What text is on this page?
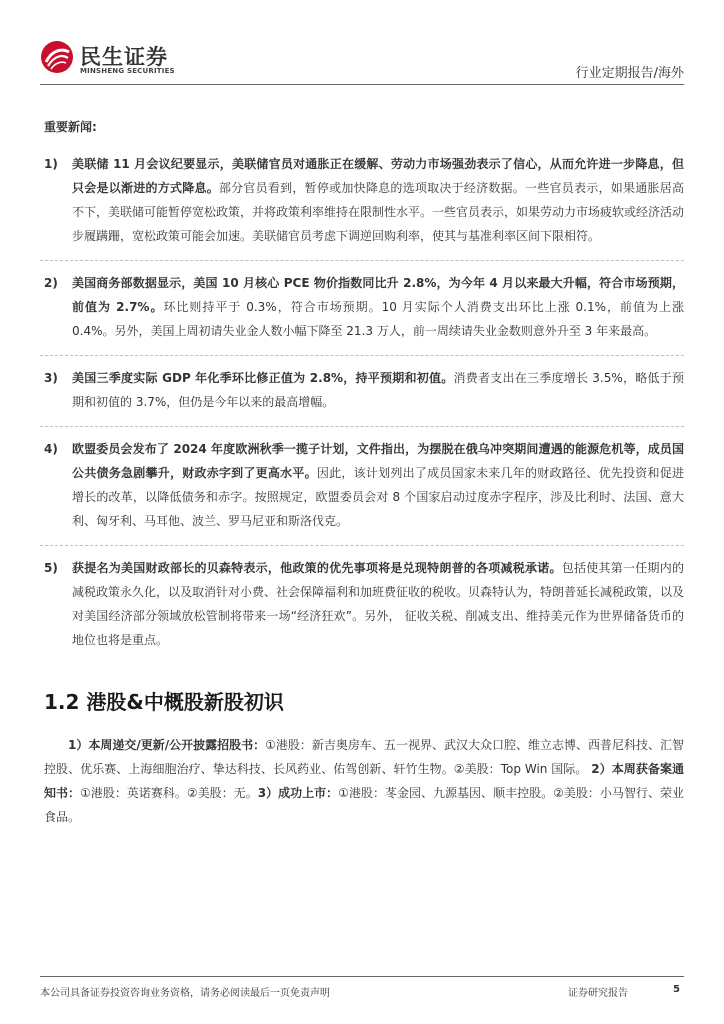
民生证券
MINSHENG SECURITIES	行业定期报告/海外
重要新闻:
1)	美联储 11 月会议纪要显示，美联储官员对通胀正在缓解、劳动力市场强劲表示了信心，从而允许进一步降息，但只会是以渐进的方式降息。部分官员看到，暂停或加快降息的选项取决于经济数据。一些官员表示，如果通胀居高不下，美联储可能暂停宽松政策，并将政策利率维持在限制性水平。一些官员表示，如果劳动力市场疲软或经济活动步履蹒跚，宽松政策可能会加速。美联储官员考虑下调逆回购利率，使其与基准利率区间下限相符。
2)	美国商务部数据显示，美国 10 月核心 PCE 物价指数同比升 2.8%，为今年 4 月以来最大升幅，符合市场预期，前值为 2.7%。环比则持平于 0.3%，符合市场预期。10 月实际个人消费支出环比上涨 0.1%，前值为上涨 0.4%。另外，美国上周初请失业金人数小幅下降至 21.3 万人，前一周续请失业金数则意外升至 3 年来最高。
3)	美国三季度实际 GDP 年化季环比修正值为 2.8%，持平预期和初值。消费者支出在三季度增长 3.5%，略低于预期和初值的 3.7%，但仍是今年以来的最高增幅。
4)	欧盟委员会发布了 2024 年度欧洲秋季一揽子计划，文件指出，为摆脱在俄乌冲突期间遭遇的能源危机等，成员国公共债务急剧攀升，财政赤字到了更高水平。因此，该计划列出了成员国家未来几年的财政路径、优先投资和促进增长的改革，以降低债务和赤字。按照规定，欧盟委员会对 8 个国家启动过度赤字程序，涉及比利时、法国、意大利、匈牙利、马耳他、波兰、罗马尼亚和斯洛伐克。
5)	获提名为美国财政部长的贝森特表示，他政策的优先事项将是兑现特朗普的各项减税承诺。包括使其第一任期内的减税政策永久化，以及取消针对小费、社会保障福利和加班费征收的税收。贝森特认为，特朗普延长减税政策，以及对美国经济部分领域放松管制将带来一场“经济狂欢”。另外， 征收关税、削减支出、维持美元作为世界储备货币的地位也将是重点。
1.2 港股&中概股新股初识
1）本周递交/更新/公开披露招股书：①港股：新吉奥房车、五一视界、武汉大众口腔、维立志博、西普尼科技、汇智控股、优乐赛、上海细胞治疗、挚达科技、长风药业、佑驾创新、轩竹生物。②美股：Top Win 国际。 2）本周获备案通知书：①港股：英诺赛科。②美股：无。3）成功上市：①港股：苳金园、九源基因、顺丰控股。②美股：小马智行、荣业食品。
本公司具备证券投资咨询业务资格，请务必阅读最后一页免责声明	证券研究报告	5
